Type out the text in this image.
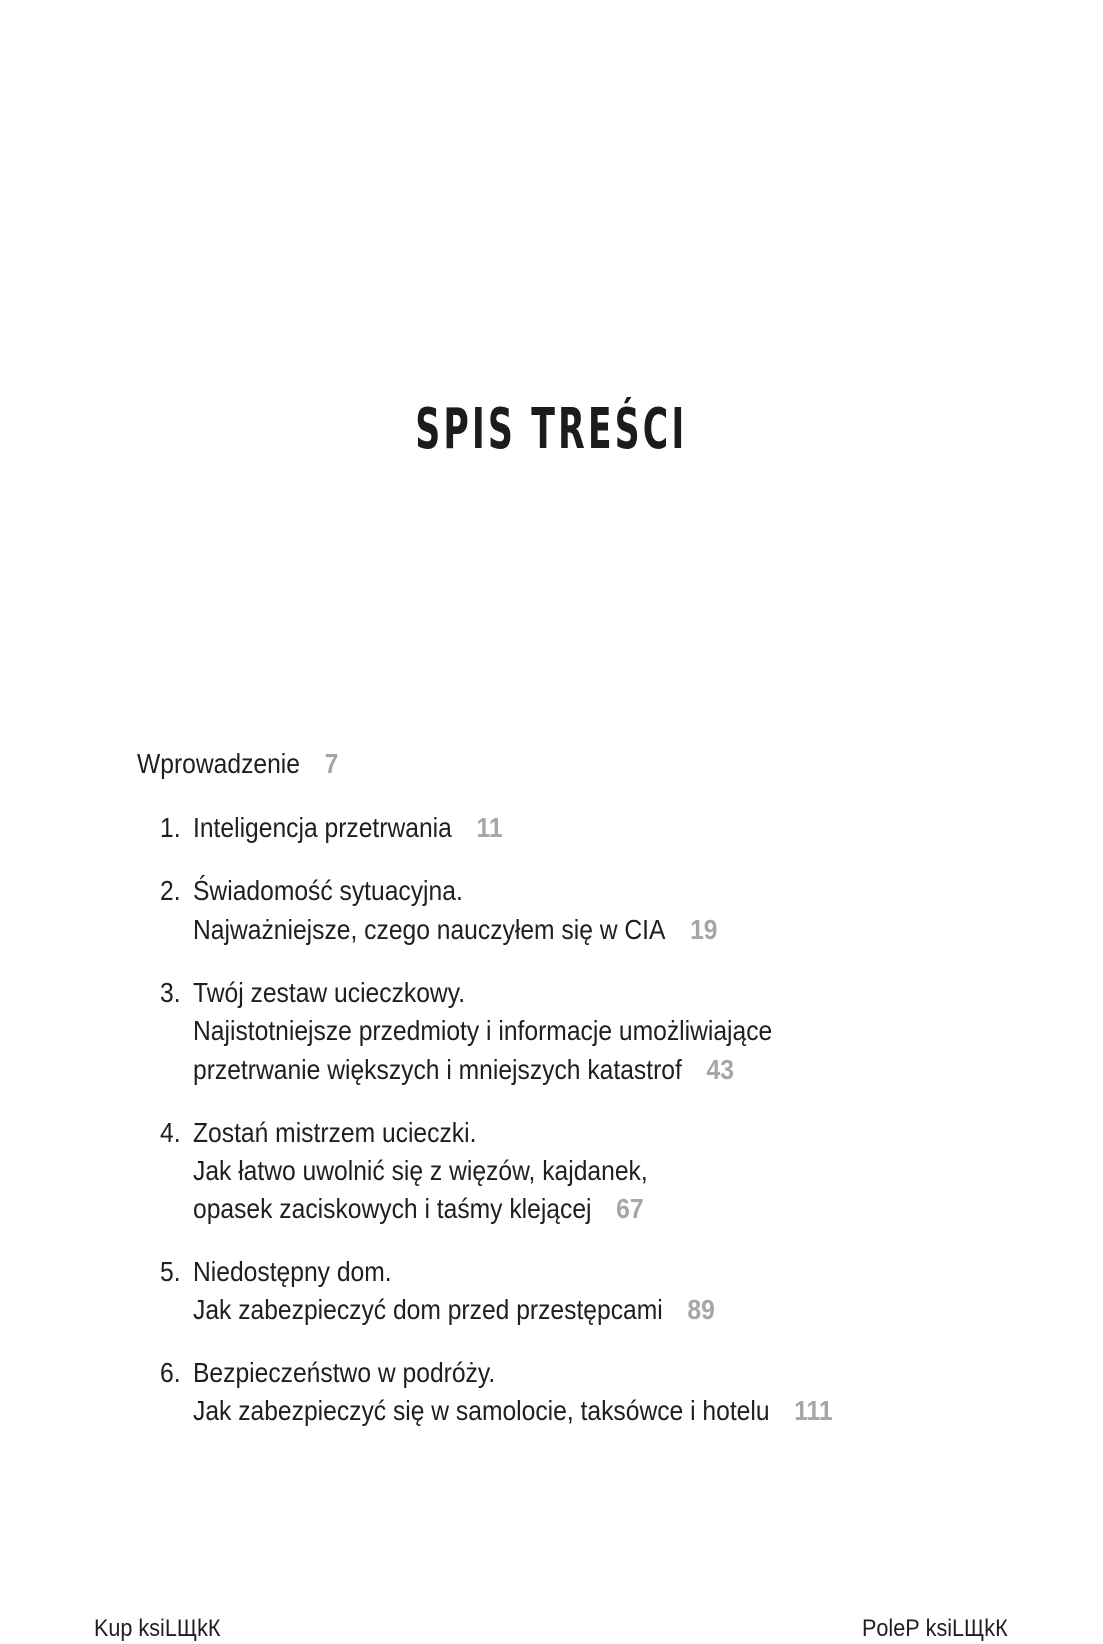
SPIS TREŚCI
Wprowadzenie 7
1. Inteligencja przetrwania 11
2. Świadomość sytuacyjna.
Najważniejsze, czego nauczyłem się w CIA 19
3. Twój zestaw ucieczkowy.
Najistotniejsze przedmioty i informacje umożliwiające
przetrwanie większych i mniejszych katastrof 43
4. Zostań mistrzem ucieczki.
Jak łatwo uwolnić się z więzów, kajdanek,
opasek zaciskowych i taśmy klejącej 67
5. Niedostępny dom.
Jak zabezpieczyć dom przed przestępcami 89
6. Bezpieczeństwo w podróży.
Jak zabezpieczyć się w samolocie, taksówce i hotelu 111
Kup ksiLЩkК	PoleР ksiLЩkК
